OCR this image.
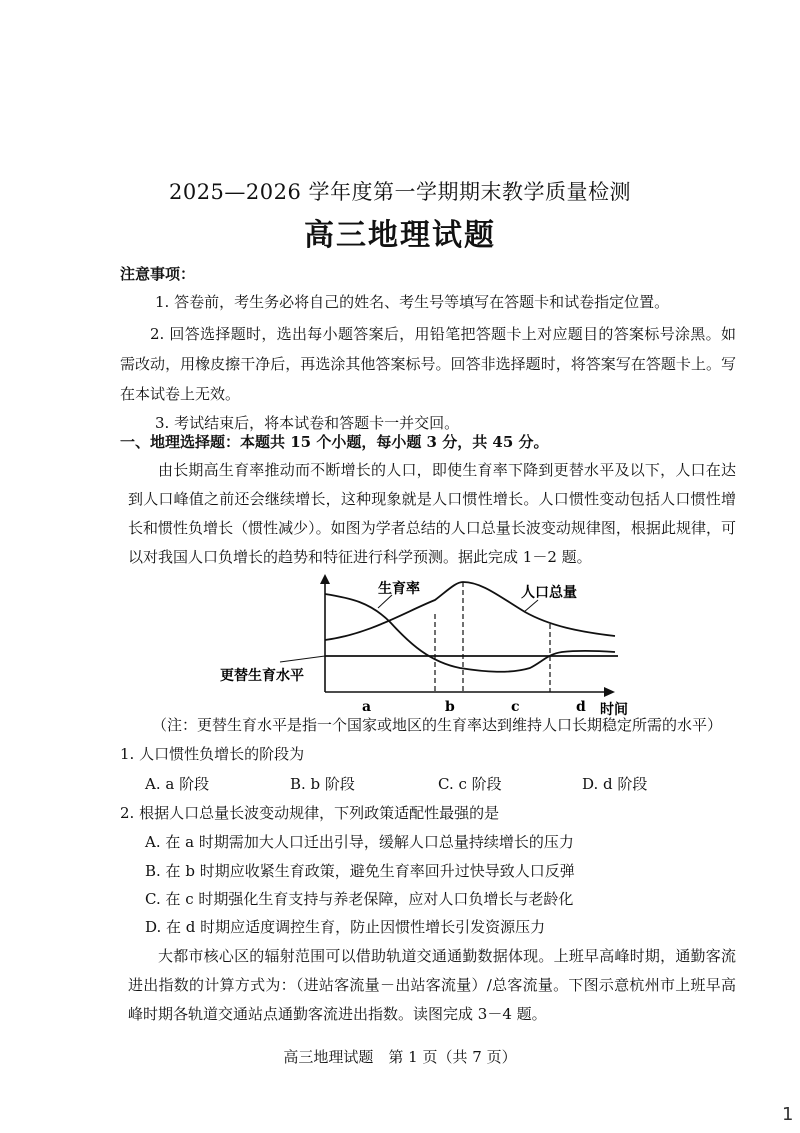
2025—2026 学年度第一学期期末教学质量检测
高三地理试题
注意事项：
1. 答卷前，考生务必将自己的姓名、考生号等填写在答题卡和试卷指定位置。
2. 回答选择题时，选出每小题答案后，用铅笔把答题卡上对应题目的答案标号涂黑。如需改动，用橡皮擦干净后，再选涂其他答案标号。回答非选择题时，将答案写在答题卡上。写在本试卷上无效。
3. 考试结束后，将本试卷和答题卡一并交回。
一、地理选择题：本题共 15 个小题，每小题 3 分，共 45 分。
由长期高生育率推动而不断增长的人口，即使生育率下降到更替水平及以下，人口在达到人口峰值之前还会继续增长，这种现象就是人口惯性增长。人口惯性变动包括人口惯性增长和惯性负增长（惯性减少）。如图为学者总结的人口总量长波变动规律图，根据此规律，可以对我国人口负增长的趋势和特征进行科学预测。据此完成 1－2 题。
生育率	人口总量
更替生育水平
a	b	c	d 时间
（注：更替生育水平是指一个国家或地区的生育率达到维持人口长期稳定所需的水平）
1. 人口惯性负增长的阶段为
A. a 阶段	B. b 阶段	C. c 阶段	D. d 阶段
2. 根据人口总量长波变动规律，下列政策适配性最强的是
A. 在 a 时期需加大人口迁出引导，缓解人口总量持续增长的压力
B. 在 b 时期应收紧生育政策，避免生育率回升过快导致人口反弹
C. 在 c 时期强化生育支持与养老保障，应对人口负增长与老龄化
D. 在 d 时期应适度调控生育，防止因惯性增长引发资源压力
大都市核心区的辐射范围可以借助轨道交通通勤数据体现。上班早高峰时期，通勤客流进出指数的计算方式为：（进站客流量－出站客流量）/总客流量。下图示意杭州市上班早高峰时期各轨道交通站点通勤客流进出指数。读图完成 3－4 题。
高三地理试题　第 1 页（共 7 页）
1
